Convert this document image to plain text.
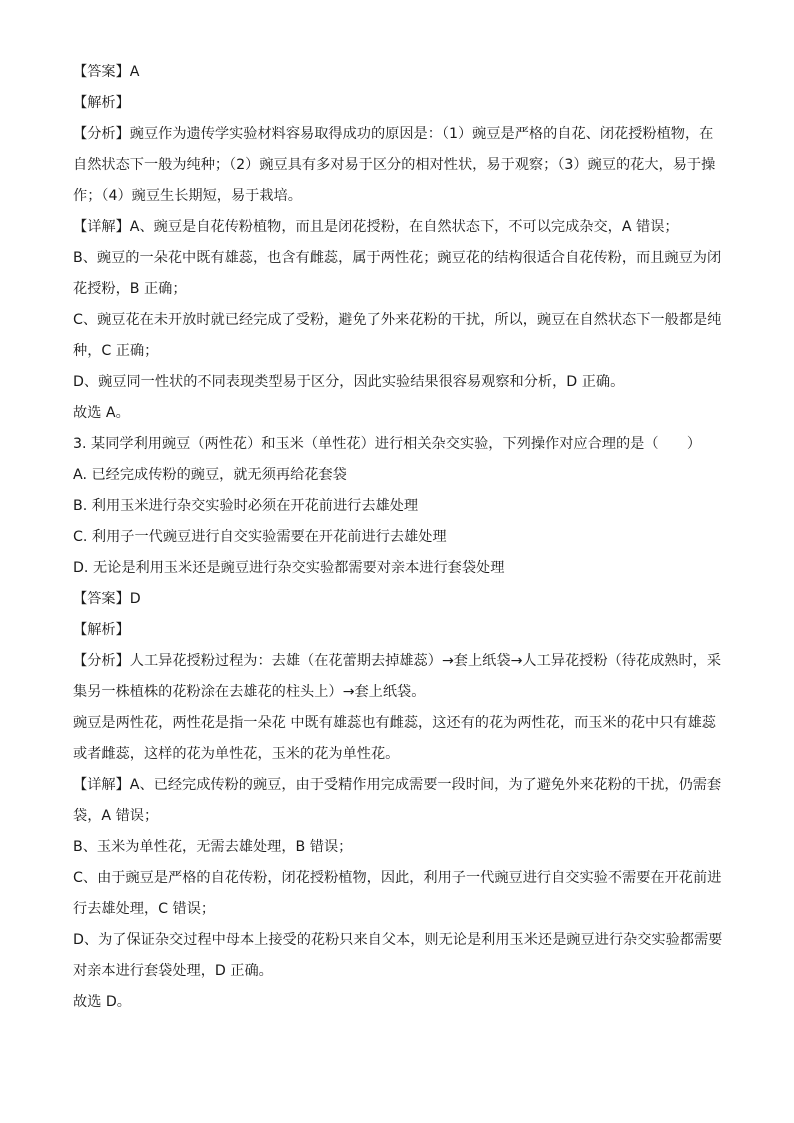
【答案】A

【解析】

【分析】豌豆作为遗传学实验材料容易取得成功的原因是：（1）豌豆是严格的自花、闭花授粉植物，在

自然状态下一般为纯种；（2）豌豆具有多对易于区分的相对性状，易于观察；（3）豌豆的花大，易于操

作；（4）豌豆生长期短，易于栽培。

【详解】A、豌豆是自花传粉植物，而且是闭花授粉，在自然状态下，不可以完成杂交，A 错误；

B、豌豆的一朵花中既有雄蕊，也含有雌蕊，属于两性花；豌豆花的结构很适合自花传粉，而且豌豆为闭

花授粉，B 正确；

C、豌豆花在未开放时就已经完成了受粉，避免了外来花粉的干扰，所以，豌豆在自然状态下一般都是纯

种，C 正确；

D、豌豆同一性状的不同表现类型易于区分，因此实验结果很容易观察和分析，D 正确。

故选 A。

3. 某同学利用豌豆（两性花）和玉米（单性花）进行相关杂交实验，下列操作对应合理的是（　　）

A. 已经完成传粉的豌豆，就无须再给花套袋

B. 利用玉米进行杂交实验时必须在开花前进行去雄处理

C. 利用子一代豌豆进行自交实验需要在开花前进行去雄处理

D. 无论是利用玉米还是豌豆进行杂交实验都需要对亲本进行套袋处理

【答案】D

【解析】

【分析】人工异花授粉过程为：去雄（在花蕾期去掉雄蕊）→套上纸袋→人工异花授粉（待花成熟时，采

集另一株植株的花粉涂在去雄花的柱头上）→套上纸袋。

豌豆是两性花，两性花是指一朵花 中既有雄蕊也有雌蕊，这还有的花为两性花，而玉米的花中只有雄蕊

或者雌蕊，这样的花为单性花，玉米的花为单性花。

【详解】A、已经完成传粉的豌豆，由于受精作用完成需要一段时间，为了避免外来花粉的干扰，仍需套

袋，A 错误；

B、玉米为单性花，无需去雄处理，B 错误；

C、由于豌豆是严格的自花传粉，闭花授粉植物，因此，利用子一代豌豆进行自交实验不需要在开花前进

行去雄处理，C 错误；

D、为了保证杂交过程中母本上接受的花粉只来自父本，则无论是利用玉米还是豌豆进行杂交实验都需要

对亲本进行套袋处理，D 正确。

故选 D。
